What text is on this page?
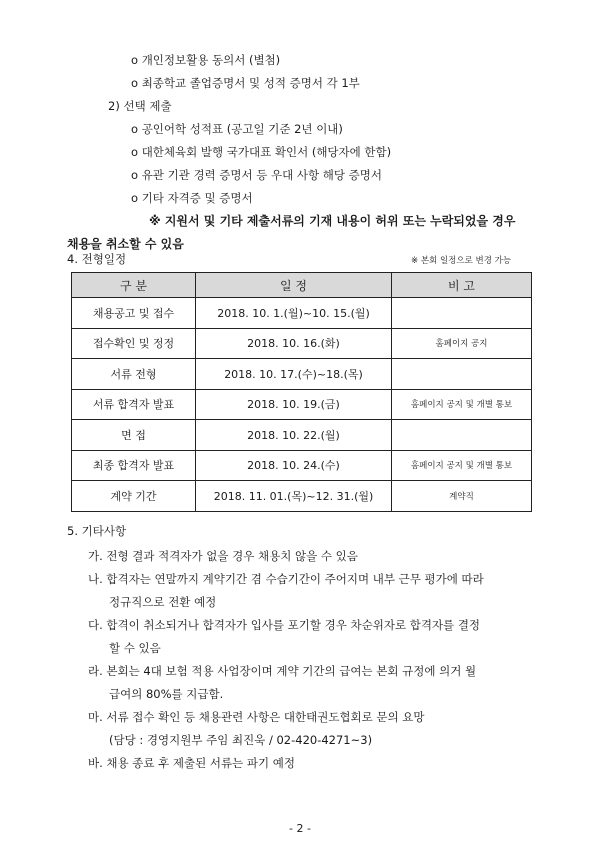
o 개인정보활용 동의서 (별첨)
o 최종학교 졸업증명서 및 성적 증명서 각 1부
2) 선택 제출
o 공인어학 성적표 (공고일 기준 2년 이내)
o 대한체육회 발행 국가대표 확인서 (해당자에 한함)
o 유관 기관 경력 증명서 등 우대 사항 해당 증명서
o 기타 자격증 및 증명서
※ 지원서 및 기타 제출서류의 기재 내용이 허위 또는 누락되었을 경우
채용을 취소할 수 있음
4. 전형일정	※ 본회 일정으로 변경 가능
구 분	일 정	비 고
채용공고 및 접수	2018. 10. 1.(월)~10. 15.(월)	
접수확인 및 정정	2018. 10. 16.(화)	홈페이지 공지
서류 전형	2018. 10. 17.(수)~18.(목)	
서류 합격자 발표	2018. 10. 19.(금)	홈페이지 공지 및 개별 통보
면 접	2018. 10. 22.(월)	
최종 합격자 발표	2018. 10. 24.(수)	홈페이지 공지 및 개별 통보
계약 기간	2018. 11. 01.(목)~12. 31.(월)	계약직
5. 기타사항
가. 전형 결과 적격자가 없을 경우 채용치 않을 수 있음
나. 합격자는 연말까지 계약기간 겸 수습기간이 주어지며 내부 근무 평가에 따라
정규직으로 전환 예정
다. 합격이 취소되거나 합격자가 입사를 포기할 경우 차순위자로 합격자를 결정
할 수 있음
라. 본회는 4대 보험 적용 사업장이며 계약 기간의 급여는 본회 규정에 의거 월
급여의 80%를 지급함.
마. 서류 접수 확인 등 채용관련 사항은 대한태권도협회로 문의 요망
(담당 : 경영지원부 주임 최진욱 / 02-420-4271~3)
바. 채용 종료 후 제출된 서류는 파기 예정
- 2 -
